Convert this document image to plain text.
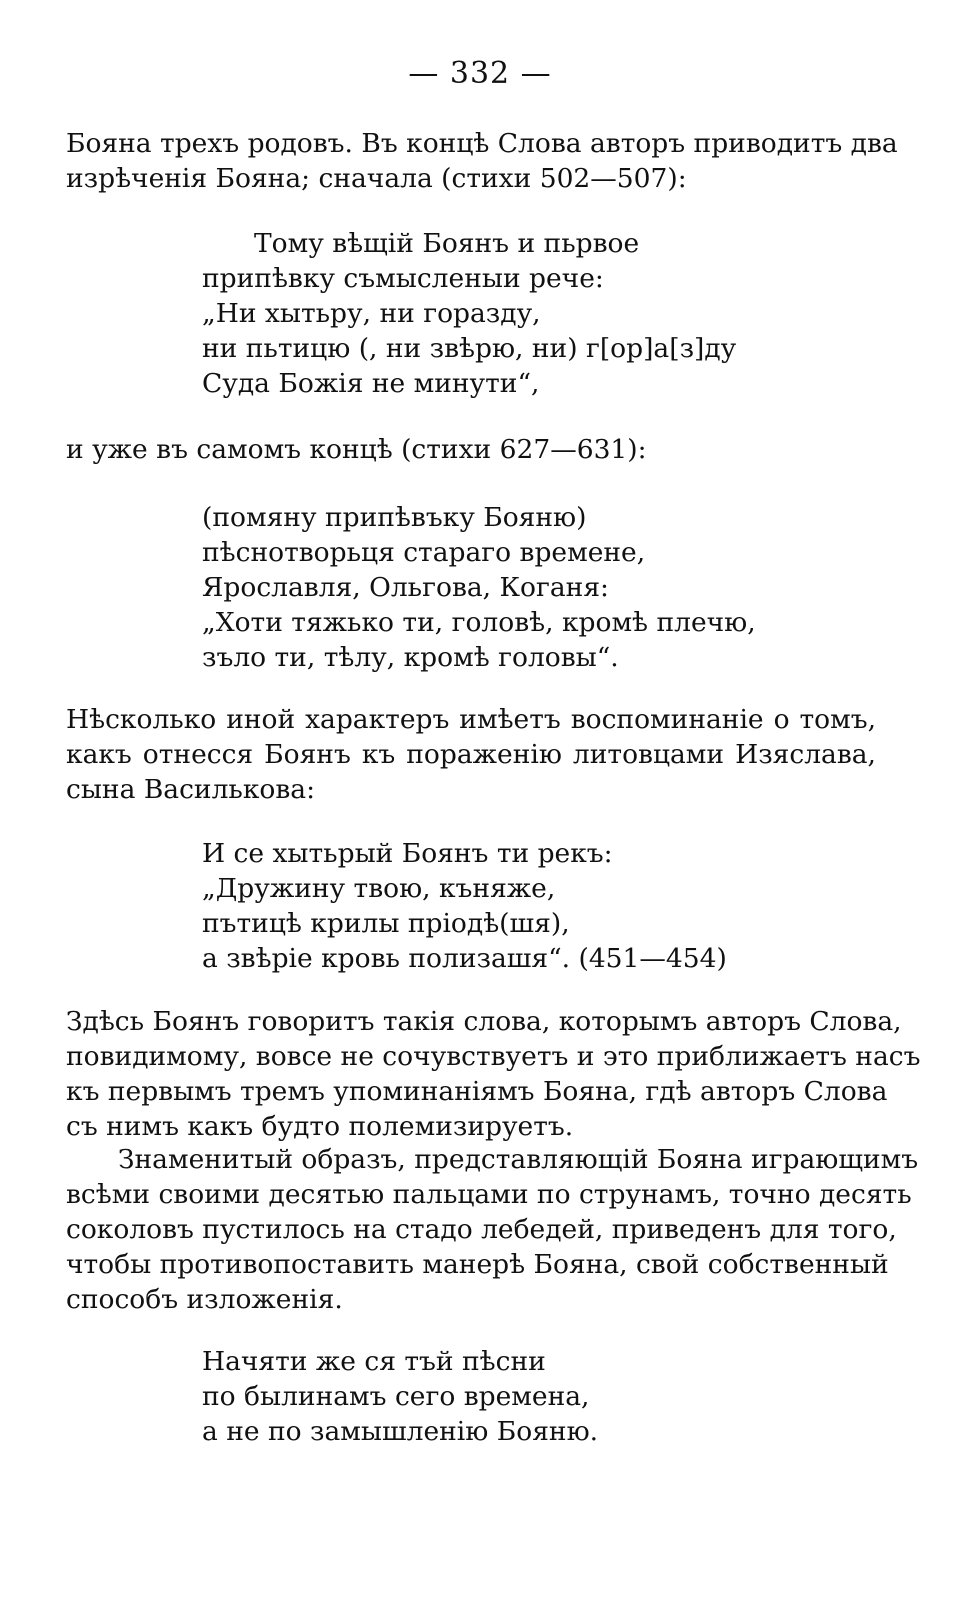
— 332 —
Бояна трехъ родовъ. Въ концѣ Слова авторъ приводитъ два
изрѣченія Бояна; сначала (стихи 502—507):
Тому вѣщій Боянъ и пьрвое
припѣвку съмысленыи рече:
„Ни хытьру, ни горазду,
ни пьтицю (, ни звѣрю, ни) г[ор]а[з]ду
Суда Божія не минути“,
и уже въ самомъ концѣ (стихи 627—631):
(помяну припѣвъку Бояню)
пѣснотворьця стараго времене,
Ярославля, Ольгова, Коганя:
„Хоти тяжько ти, головѣ, кромѣ плечю,
зъло ти, тѣлу, кромѣ головы“.
Нѣсколько иной характеръ имѣетъ воспоминаніе о томъ,
какъ отнесся Боянъ къ пораженію литовцами Изяслава,
сына Василькова:
И се хытьрый Боянъ ти рекъ:
„Дружину твою, къняже,
пътицѣ крилы пріодѣ(шя),
а звѣріе кровь полизашя“. (451—454)
Здѣсь Боянъ говоритъ такія слова, которымъ авторъ Слова,
повидимому, вовсе не сочувствуетъ и это приближаетъ насъ
къ первымъ тремъ упоминаніямъ Бояна, гдѣ авторъ Слова
съ нимъ какъ будто полемизируетъ.
Знаменитый образъ, представляющій Бояна играющимъ
всѣми своими десятью пальцами по струнамъ, точно десять
соколовъ пустилось на стадо лебедей, приведенъ для того,
чтобы противопоставить манерѣ Бояна, свой собственный
способъ изложенія.
Начяти же ся тъй пѣсни
по былинамъ сего времена,
а не по замышленію Бояню.
